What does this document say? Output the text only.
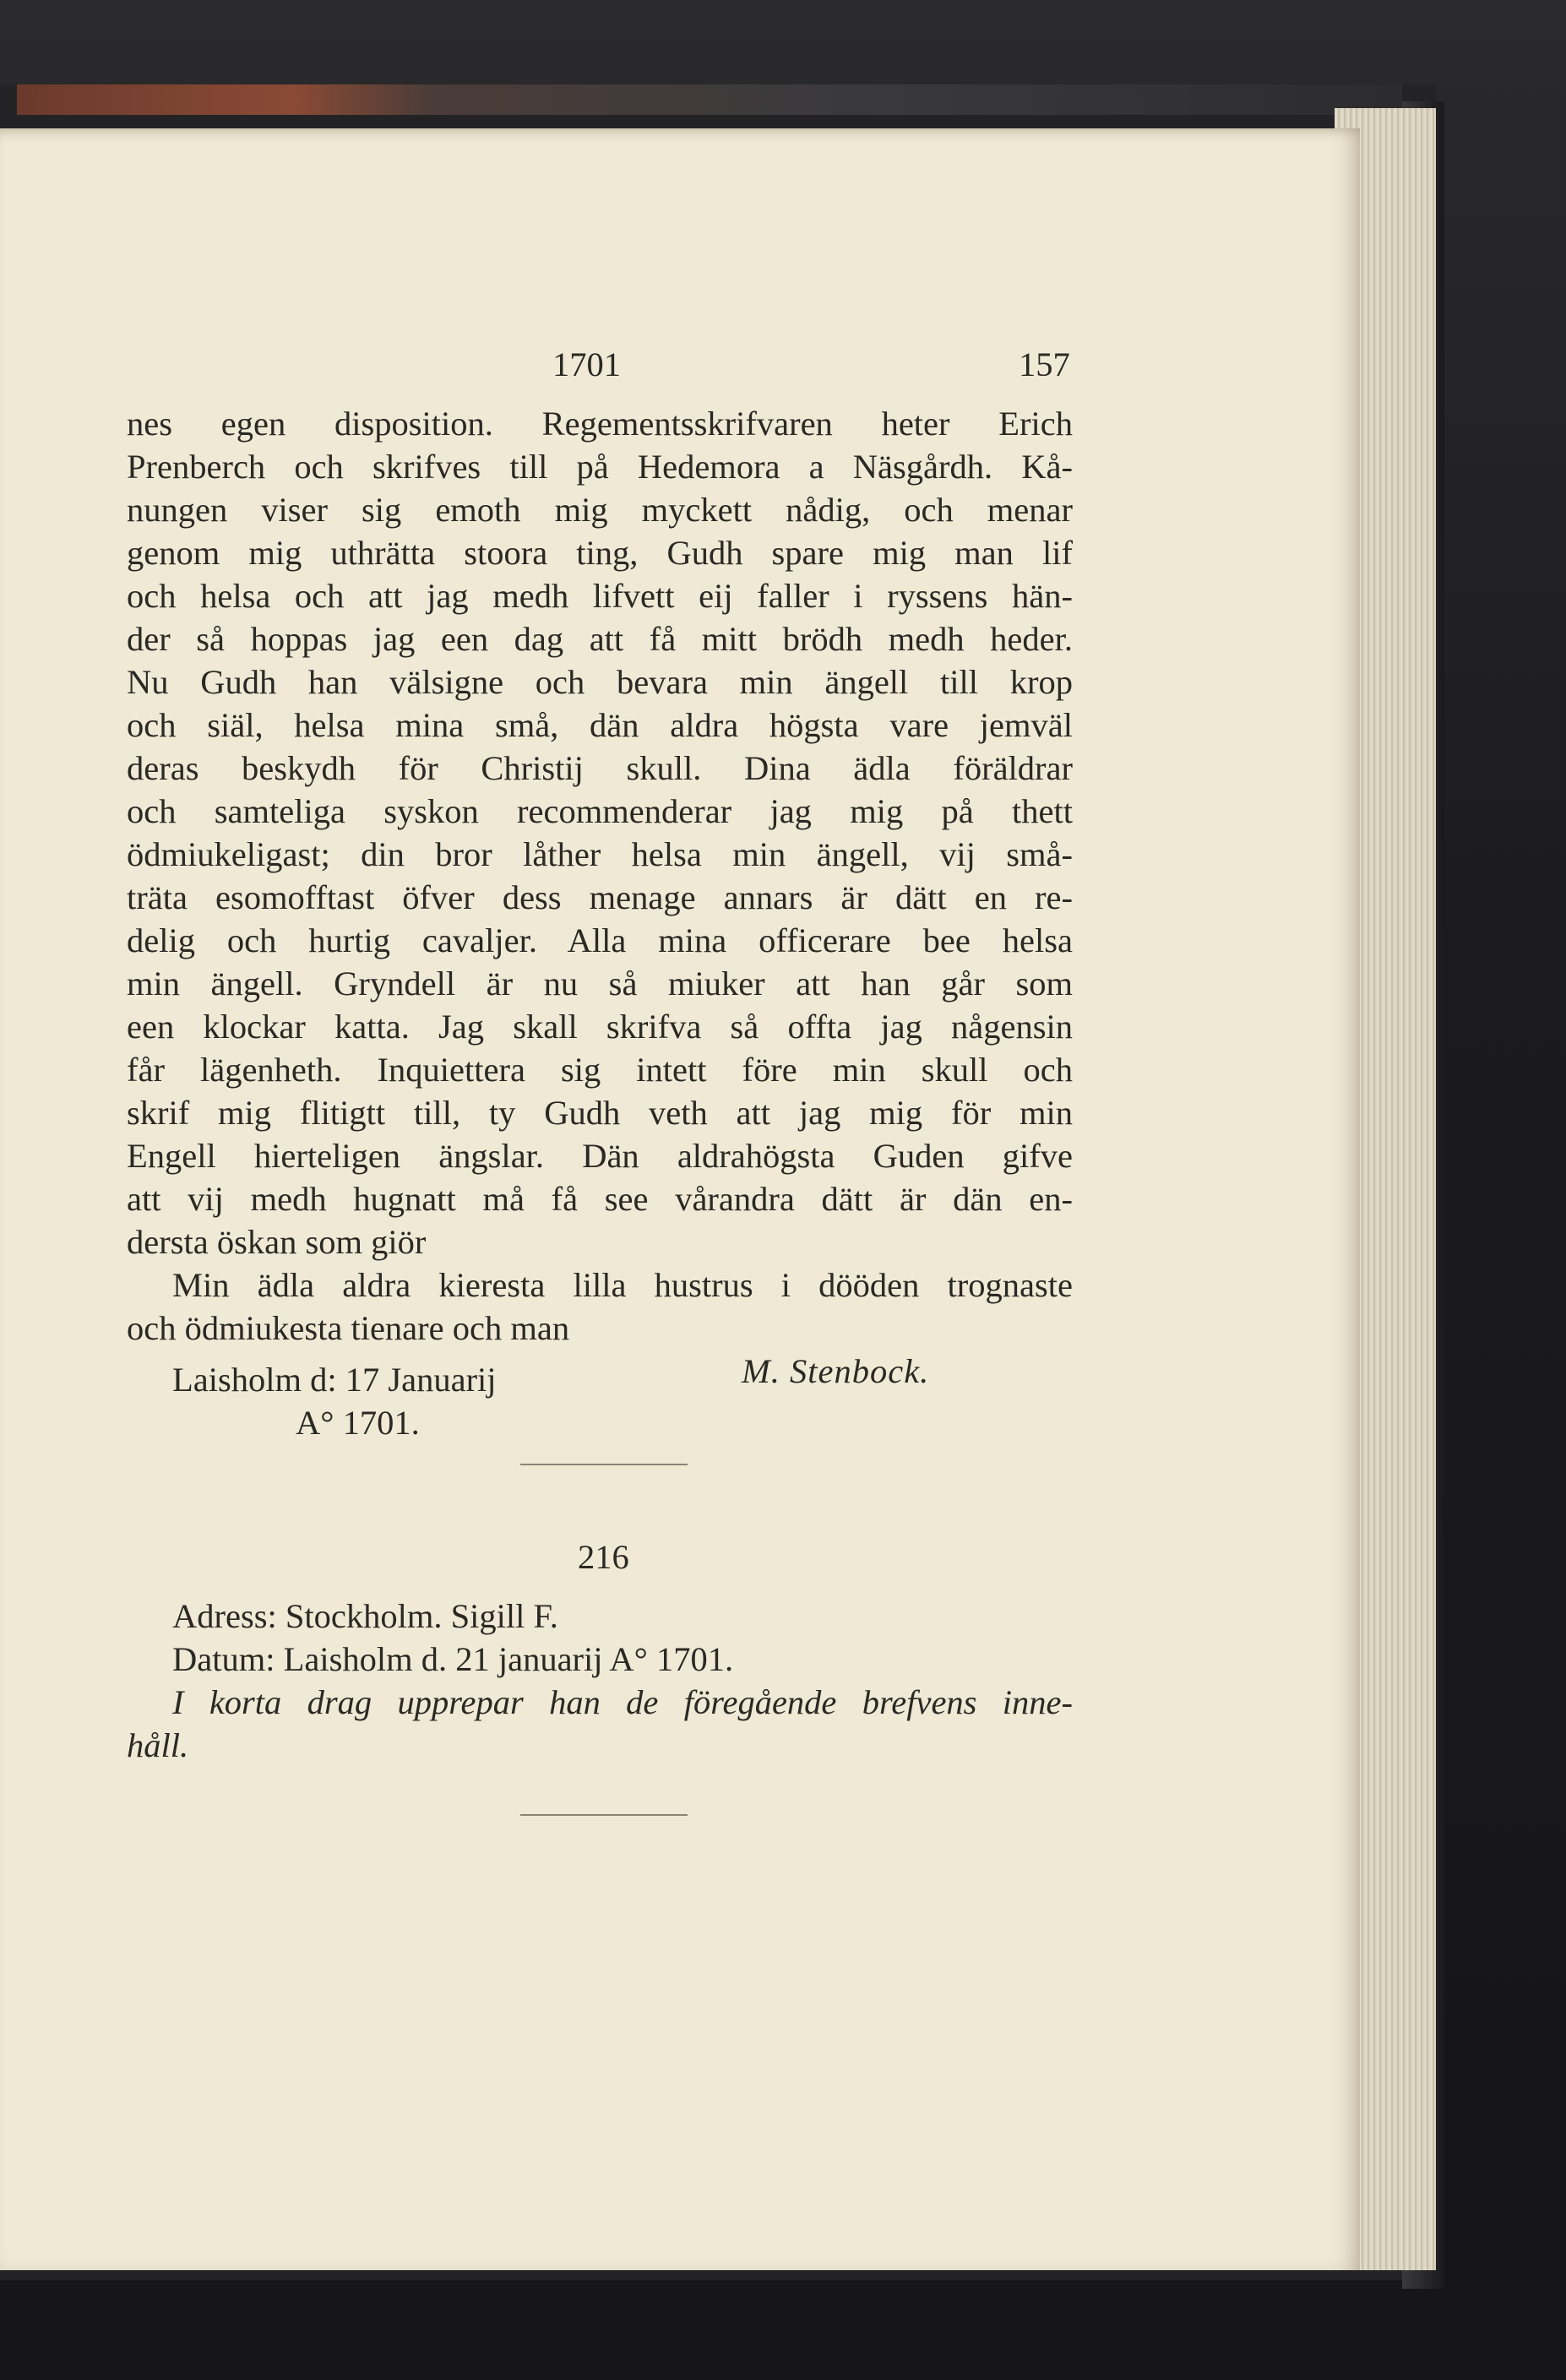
1701	157
nes egen disposition. Regementsskrifvaren heter Erich
Prenberch och skrifves till på Hedemora a Näsgårdh. Kå-
nungen viser sig emoth mig myckett nådig, och menar
genom mig uthrätta stoora ting, Gudh spare mig man lif
och helsa och att jag medh lifvett eij faller i ryssens hän-
der så hoppas jag een dag att få mitt brödh medh heder.
Nu Gudh han välsigne och bevara min ängell till krop
och siäl, helsa mina små, dän aldra högsta vare jemväl
deras beskydh för Christij skull. Dina ädla föräldrar
och samteliga syskon recommenderar jag mig på thett
ödmiukeligast; din bror låther helsa min ängell, vij små-
träta esomofftast öfver dess menage annars är dätt en re-
delig och hurtig cavaljer. Alla mina officerare bee helsa
min ängell. Gryndell är nu så miuker att han går som
een klockar katta. Jag skall skrifva så offta jag någensin
får lägenheth. Inquiettera sig intett före min skull och
skrif mig flitigtt till, ty Gudh veth att jag mig för min
Engell hierteligen ängslar. Dän aldrahögsta Guden gifve
att vij medh hugnatt må få see vårandra dätt är dän en-
dersta öskan som giör
Min ädla aldra kieresta lilla hustrus i dööden trognaste
och ödmiukesta tienare och man
Laisholm d: 17 Januarij
A° 1701.
M. Stenbock.
216
Adress: Stockholm. Sigill F.
Datum: Laisholm d. 21 januarij A° 1701.
I korta drag upprepar han de föregående brefvens inne-
håll.
